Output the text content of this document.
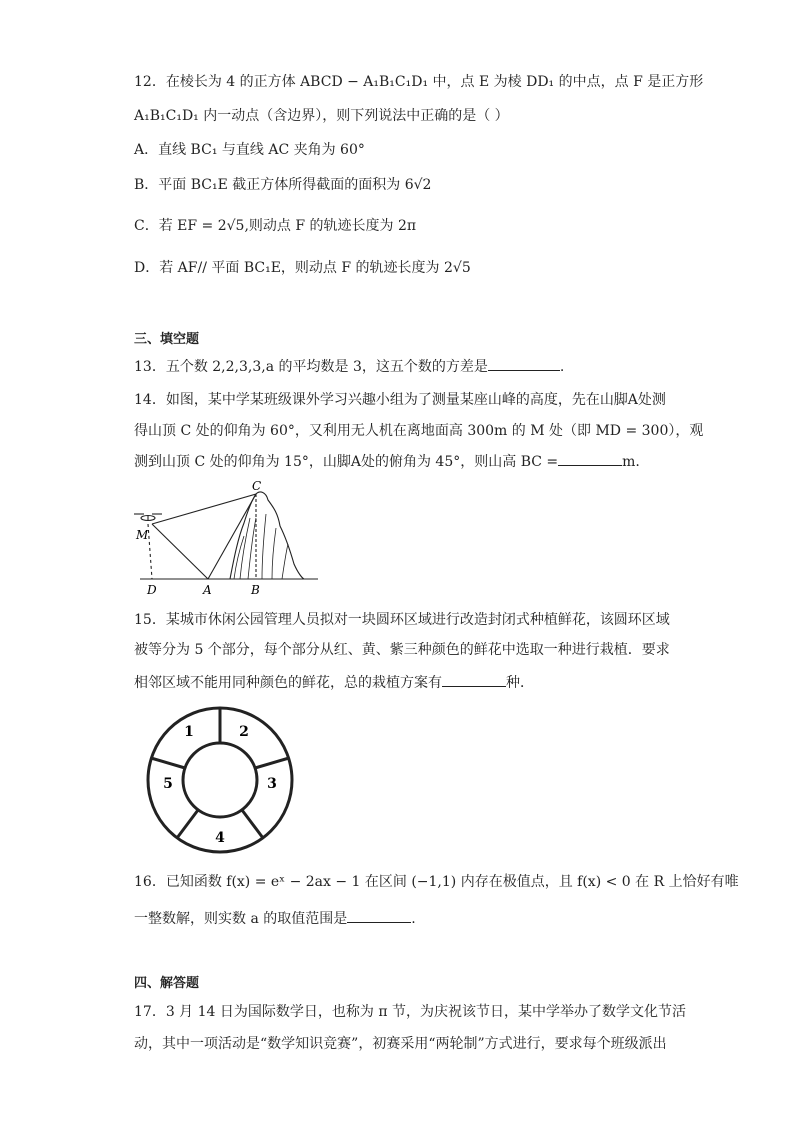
12．在棱长为 4 的正方体 ABCD − A₁B₁C₁D₁ 中，点 E 为棱 DD₁ 的中点，点 F 是正方形
A₁B₁C₁D₁ 内一动点（含边界），则下列说法中正确的是（ ）
A．直线 BC₁ 与直线 AC 夹角为 60°
B．平面 BC₁E 截正方体所得截面的面积为 6√2
C．若 EF = 2√5,则动点 F 的轨迹长度为 2π
D．若 AF// 平面 BC₁E，则动点 F 的轨迹长度为 2√5
三、填空题
13．五个数 2,2,3,3,a 的平均数是 3，这五个数的方差是	.
14．如图，某中学某班级课外学习兴趣小组为了测量某座山峰的高度，先在山脚A处测
得山顶 C 处的仰角为 60°，又利用无人机在离地面高 300m 的 M 处（即 MD = 300），观
测到山顶 C 处的仰角为 15°，山脚A处的俯角为 45°，则山高 BC =	m.
C
M
D	A	B
15．某城市休闲公园管理人员拟对一块圆环区域进行改造封闭式种植鲜花，该圆环区域
被等分为 5 个部分，每个部分从红、黄、紫三种颜色的鲜花中选取一种进行栽植．要求
相邻区域不能用同种颜色的鲜花，总的栽植方案有	种．
1	2
3
4
5
16．已知函数 f(x) = eˣ − 2ax − 1 在区间 (−1,1) 内存在极值点，且 f(x) < 0 在 R 上恰好有唯
一整数解，则实数 a 的取值范围是	.
四、解答题
17．3 月 14 日为国际数学日，也称为 π 节，为庆祝该节日，某中学举办了数学文化节活
动，其中一项活动是“数学知识竞赛”，初赛采用“两轮制”方式进行，要求每个班级派出
